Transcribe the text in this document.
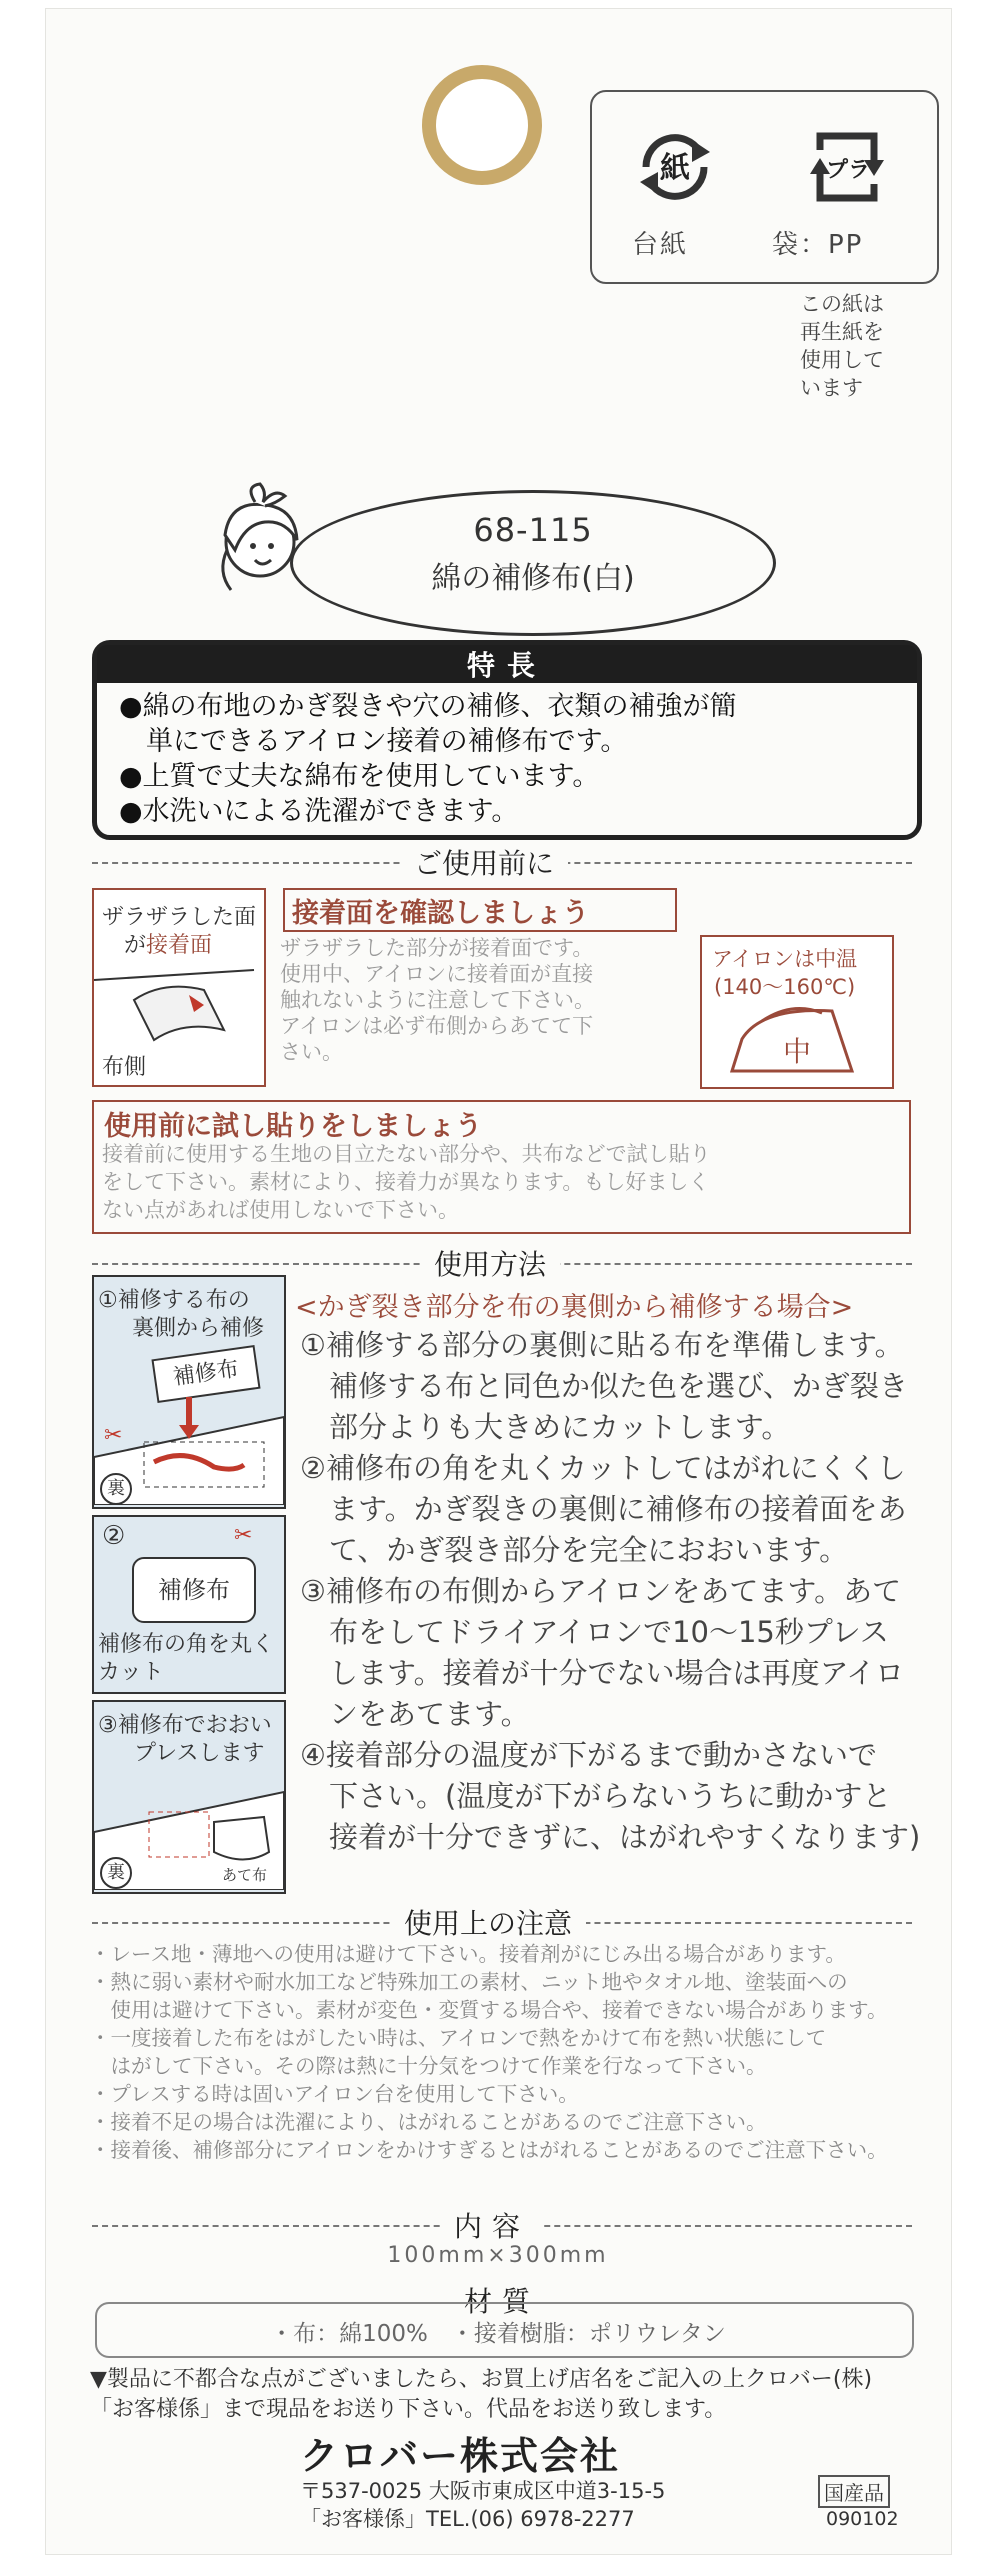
紙	プラ
台紙	袋：PP
この紙は
再生紙を
使用して
います
68-115
綿の補修布(白)
特長
●綿の布地のかぎ裂きや穴の補修、衣類の補強が簡
　単にできるアイロン接着の補修布です。
●上質で丈夫な綿布を使用しています。
●水洗いによる洗濯ができます。
ご使用前に
ザラザラした面
が接着面
布側
接着面を確認しましょう
ザラザラした部分が接着面です。
使用中、アイロンに接着面が直接
触れないように注意して下さい。
アイロンは必ず布側からあてて下
さい。
アイロンは中温
(140～160℃)
中
使用前に試し貼りをしましょう
接着前に使用する生地の目立たない部分や、共布などで試し貼り
をして下さい。素材により、接着力が異なります。もし好ましく
ない点があれば使用しないで下さい。
使用方法
①補修する布の
裏側から補修
補修布
✂
裏
②
補修布
✂
補修布の角を丸く
カット
③補修布でおおい
プレスします
裏	あて布
<かぎ裂き部分を布の裏側から補修する場合>
①補修する部分の裏側に貼る布を準備します。
　補修する布と同色か似た色を選び、かぎ裂き
　部分よりも大きめにカットします。
②補修布の角を丸くカットしてはがれにくくし
　ます。かぎ裂きの裏側に補修布の接着面をあ
　て、かぎ裂き部分を完全におおいます。
③補修布の布側からアイロンをあてます。あて
　布をしてドライアイロンで10～15秒プレス
　します。接着が十分でない場合は再度アイロ
　ンをあてます。
④接着部分の温度が下がるまで動かさないで
　下さい。(温度が下がらないうちに動かすと
　接着が十分できずに、はがれやすくなります)
使用上の注意
・レース地・薄地への使用は避けて下さい。接着剤がにじみ出る場合があります。
・熱に弱い素材や耐水加工など特殊加工の素材、ニット地やタオル地、塗装面への
　使用は避けて下さい。素材が変色・変質する場合や、接着できない場合があります。
・一度接着した布をはがしたい時は、アイロンで熱をかけて布を熱い状態にして
　はがして下さい。その際は熱に十分気をつけて作業を行なって下さい。
・プレスする時は固いアイロン台を使用して下さい。
・接着不足の場合は洗濯により、はがれることがあるのでご注意下さい。
・接着後、補修部分にアイロンをかけすぎるとはがれることがあるのでご注意下さい。
内容
100mm×300mm
材質
・布：綿100%　・接着樹脂：ポリウレタン
▼製品に不都合な点がございましたら、お買上げ店名をご記入の上クロバー(株)
「お客様係」まで現品をお送り下さい。代品をお送り致します。
クロバー株式会社
〒537-0025 大阪市東成区中道3-15-5
「お客様係」TEL.(06) 6978-2277
国産品
090102
